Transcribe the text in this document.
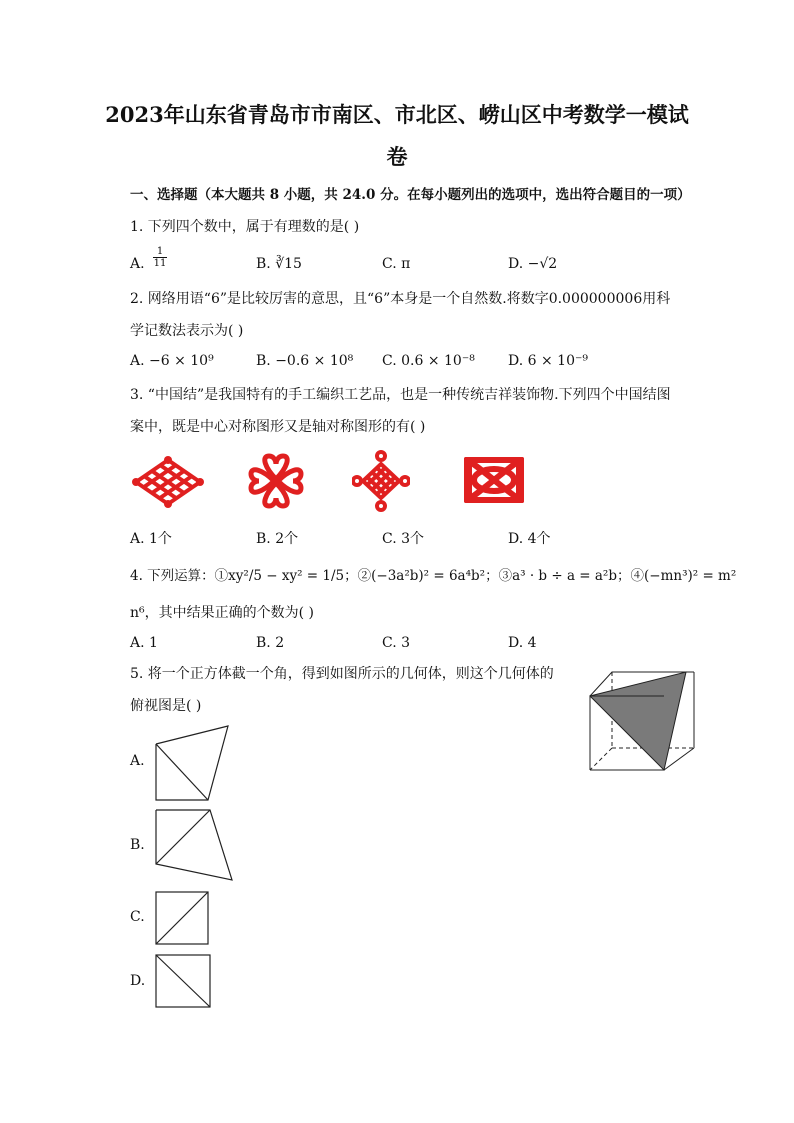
2023年山东省青岛市市南区、市北区、崂山区中考数学一模试
卷
一、选择题（本大题共 8 小题，共 24.0 分。在每小题列出的选项中，选出符合题目的一项）
1. 下列四个数中，属于有理数的是( )
A. $\frac{1}{11}$	B. ∛15	C. π	D. −√2
2. 网络用语“6”是比较厉害的意思，且“6”本身是一个自然数.将数字0.000000006用科
学记数法表示为( )
A. −6 × 10⁹	B. −0.6 × 10⁸ C. 0.6 × 10⁻⁸ D. 6 × 10⁻⁹
3. “中国结”是我国特有的手工编织工艺品，也是一种传统吉祥装饰物.下列四个中国结图
案中，既是中心对称图形又是轴对称图形的有( )
A. 1个	B. 2个	C. 3个	D. 4个
4. 下列运算：①xy²/5 − xy² = 1/5；②(−3a²b)² = 6a⁴b²；③a³ · b ÷ a = a²b；④(−mn³)² = m²
n⁶，其中结果正确的个数为( )
A. 1	B. 2	C. 3	D. 4
5. 将一个正方体截一个角，得到如图所示的几何体，则这个几何体的
俯视图是( )
A.
B.
C.
D.
